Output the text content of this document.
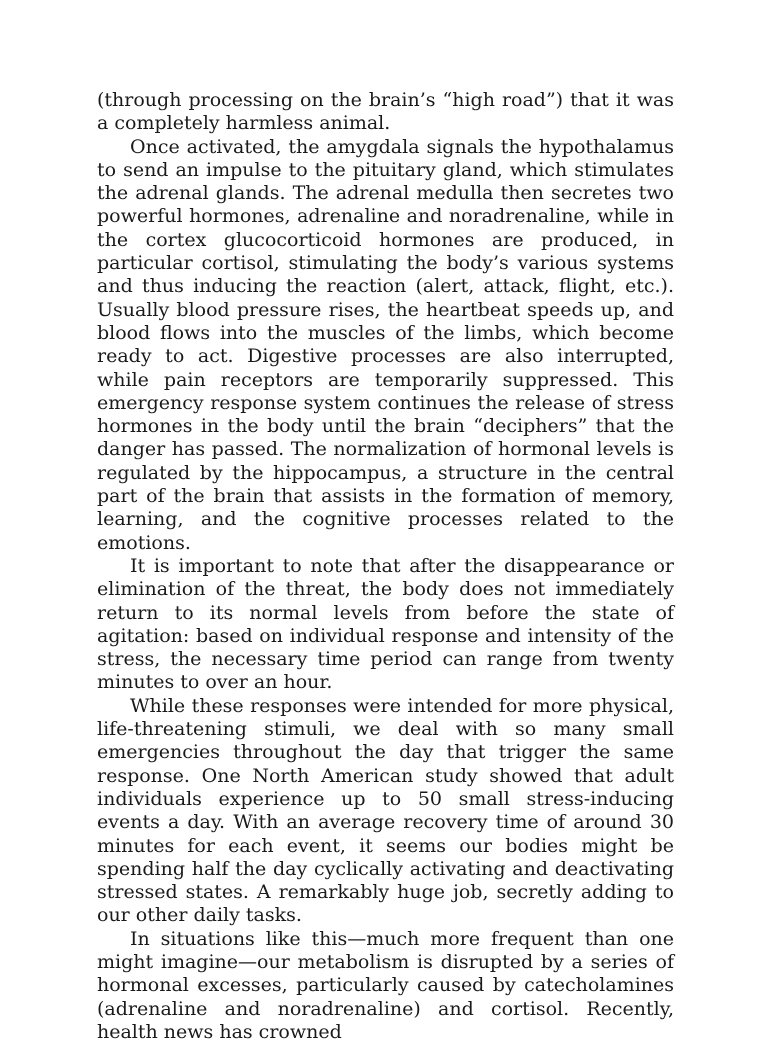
(through processing on the brain’s “high road”) that it was a completely harmless animal.

Once activated, the amygdala signals the hypothalamus to send an impulse to the pituitary gland, which stimulates the adrenal glands. The adrenal medulla then secretes two powerful hormones, adrenaline and noradrenaline, while in the cortex glucocorticoid hormones are produced, in particular cortisol, stimulating the body’s various systems and thus inducing the reaction (alert, attack, flight, etc.). Usually blood pressure rises, the heartbeat speeds up, and blood flows into the muscles of the limbs, which become ready to act. Digestive processes are also interrupted, while pain receptors are temporarily suppressed. This emergency response system continues the release of stress hormones in the body until the brain “deciphers” that the danger has passed. The normalization of hormonal levels is regulated by the hippocampus, a structure in the central part of the brain that assists in the formation of memory, learning, and the cognitive processes related to the emotions.

It is important to note that after the disappearance or elimination of the threat, the body does not immediately return to its normal levels from before the state of agitation: based on individual response and intensity of the stress, the necessary time period can range from twenty minutes to over an hour.

While these responses were intended for more physical, life-threatening stimuli, we deal with so many small emergencies throughout the day that trigger the same response. One North American study showed that adult individuals experience up to 50 small stress-inducing events a day. With an average recovery time of around 30 minutes for each event, it seems our bodies might be spending half the day cyclically activating and deactivating stressed states. A remarkably huge job, secretly adding to our other daily tasks.

In situations like this—much more frequent than one might imagine—our metabolism is disrupted by a series of hormonal excesses, particularly caused by catecholamines (adrenaline and noradrenaline) and cortisol. Recently, health news has crowned
